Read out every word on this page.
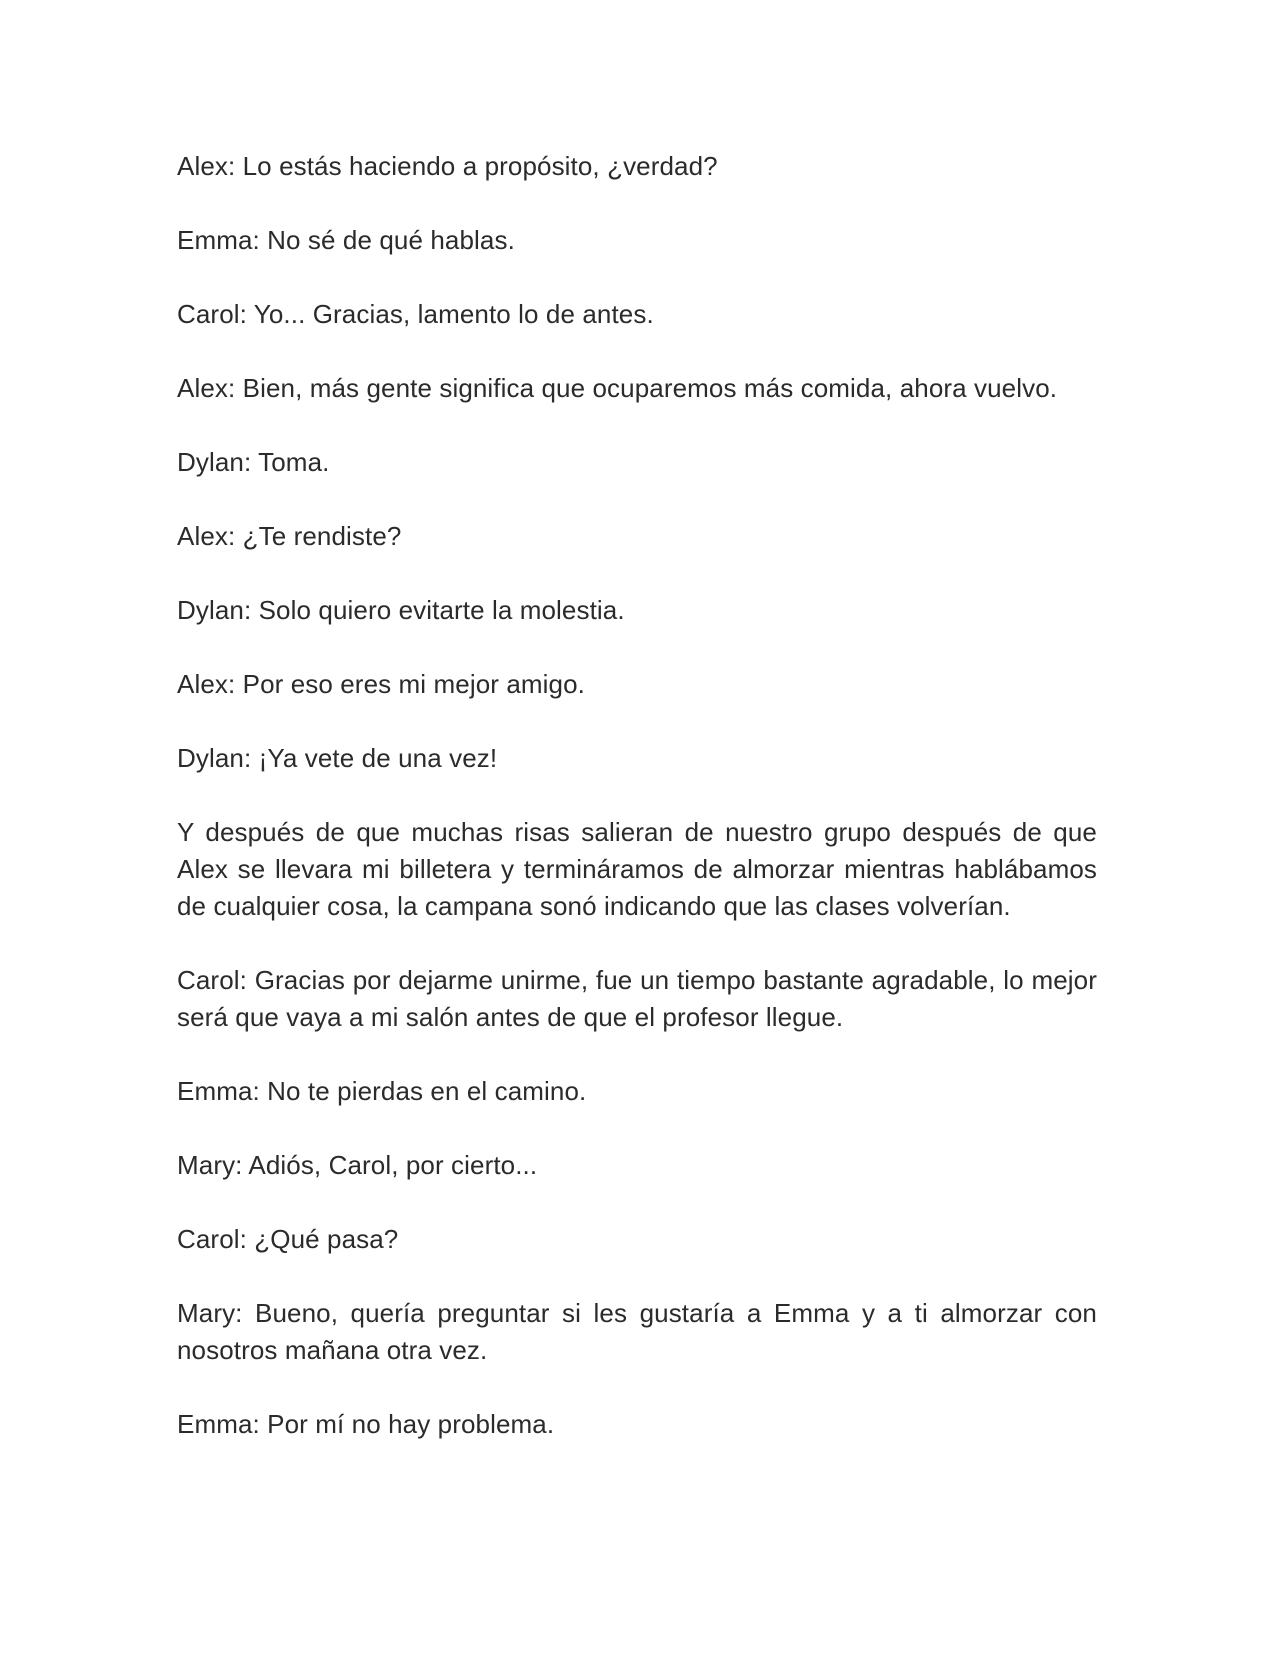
Alex: Lo estás haciendo a propósito, ¿verdad?

Emma: No sé de qué hablas.

Carol: Yo... Gracias, lamento lo de antes.

Alex: Bien, más gente significa que ocuparemos más comida, ahora vuelvo.

Dylan: Toma.

Alex: ¿Te rendiste?

Dylan: Solo quiero evitarte la molestia.

Alex: Por eso eres mi mejor amigo.

Dylan: ¡Ya vete de una vez!

Y después de que muchas risas salieran de nuestro grupo después de que Alex se llevara mi billetera y termináramos de almorzar mientras hablábamos de cualquier cosa, la campana sonó indicando que las clases volverían.

Carol: Gracias por dejarme unirme, fue un tiempo bastante agradable, lo mejor será que vaya a mi salón antes de que el profesor llegue.

Emma: No te pierdas en el camino.

Mary: Adiós, Carol, por cierto...

Carol: ¿Qué pasa?

Mary: Bueno, quería preguntar si les gustaría a Emma y a ti almorzar con nosotros mañana otra vez.

Emma: Por mí no hay problema.
